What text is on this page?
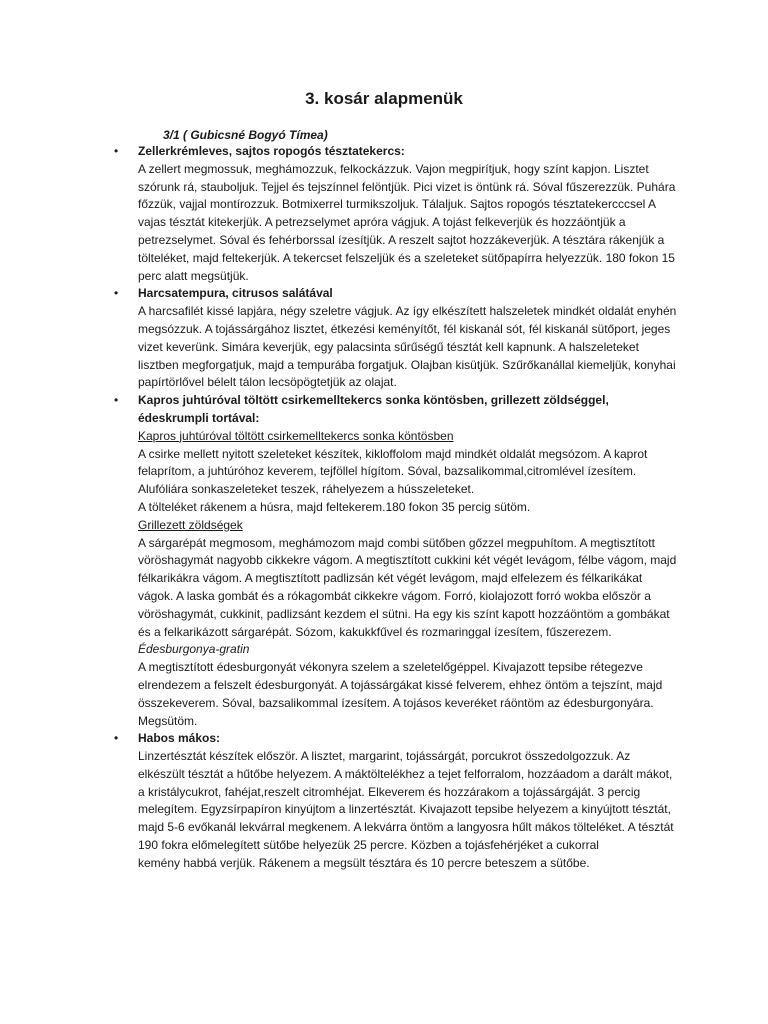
3. kosár alapmenük

3/1 ( Gubicsné Bogyó Tímea)

• Zellerkrémleves, sajtos ropogós tésztatekercs:

A zellert megmossuk, meghámozzuk, felkockázzuk. Vajon megpirítjuk, hogy színt kapjon. Lisztet szórunk rá, stauboljuk. Tejjel és tejszínnel felöntjük. Pici vizet is öntünk rá. Sóval fűszerezzük. Puhára főzzük, vajjal montírozzuk. Botmixerrel turmikszoljuk. Tálaljuk. Sajtos ropogós tésztatekercccsel A vajas tésztát kitekerjük. A petrezselymet apróra vágjuk. A tojást felkeverjük és hozzáöntjük a petrezselymet. Sóval és fehérborssal ízesítjük. A reszelt sajtot hozzákeverjük. A tésztára rákenjük a tölteléket, majd feltekerjük. A tekercset felszeljük és a szeleteket sütőpapírra helyezzük. 180 fokon 15 perc alatt megsütjük.

• Harcsatempura, citrusos salátával

A harcsafilét kissé lapjára, négy szeletre vágjuk. Az így elkészített halszeletek mindkét oldalát enyhén megsózzuk. A tojássárgához lisztet, étkezési keményítőt, fél kiskanál sót, fél kiskanál sütőport, jeges vizet keverünk. Simára keverjük, egy palacsinta sűrűségű tésztát kell kapnunk. A halszeleteket lisztben megforgatjuk, majd a tempurába forgatjuk. Olajban kisütjük. Szűrőkanállal kiemeljük, konyhai papírtörlővel bélelt tálon lecsöpögtetjük az olajat.

• Kapros juhtúróval töltött csirkemelltekercs sonka köntösben, grillezett zöldséggel, édeskrumpli tortával:

Kapros juhtúróval töltött csirkemelltekercs sonka köntösben

A csirke mellett nyitott szeleteket készítek, kikloffolom majd mindkét oldalát megsózom. A kaprot felaprítom, a juhtúróhoz keverem, tejföllel hígítom. Sóval, bazsalikommal,citromlével ízesítem. Alufóliára sonkaszeleteket teszek, ráhelyezem a hússzeleteket.

A tölteléket rákenem a húsra, majd feltekerem.180 fokon 35 percig sütöm.

Grillezett zöldségek

A sárgarépát megmosom, meghámozom majd combi sütőben gőzzel megpuhítom. A megtisztított vöröshagymát nagyobb cikkekre vágom. A megtisztított cukkini két végét levágom, félbe vágom, majd félkarikákra vágom. A megtisztított padlizsán két végét levágom, majd elfelezem és félkarikákat vágok. A laska gombát és a rókagombát cikkekre vágom. Forró, kiolajozott forró wokba először a vöröshagymát, cukkinit, padlizsánt kezdem el sütni. Ha egy kis színt kapott hozzáöntöm a gombákat és a felkarikázott sárgarépát. Sózom, kakukkfűvel és rozmaringgal ízesítem, fűszerezem.

Édesburgonya-gratin

A megtisztított édesburgonyát vékonyra szelem a szeletelőgéppel. Kivajazott tepsibe rétegezve elrendezem a felszelt édesburgonyát. A tojássárgákat kissé felverem, ehhez öntöm a tejszínt, majd összekeverem. Sóval, bazsalikommal ízesítem. A tojásos keveréket ráöntöm az édesburgonyára. Megsütöm.

• Habos mákos:

Linzertésztát készítek először. A lisztet, margarint, tojássárgát, porcukrot összedolgozzuk. Az elkészült tésztát a hűtőbe helyezem. A máktöltelékhez a tejet felforralom, hozzáadom a darált mákot, a kristálycukrot, fahéjat,reszelt citromhéjat. Elkeverem és hozzárakom a tojássárgáját. 3 percig melegítem. Egyzsírpapíron kinyújtom a linzertésztát. Kivajazott tepsibe helyezem a kinyújtott tésztát, majd 5-6 evőkanál lekvárral megkenem. A lekvárra öntöm a langyosra hűlt mákos tölteléket. A tésztát 190 fokra előmelegített sütőbe helyezük 25 percre. Közben a tojásfehérjéket a cukorral

kemény habbá verjük. Rákenem a megsült tésztára és 10 percre beteszem a sütőbe.
